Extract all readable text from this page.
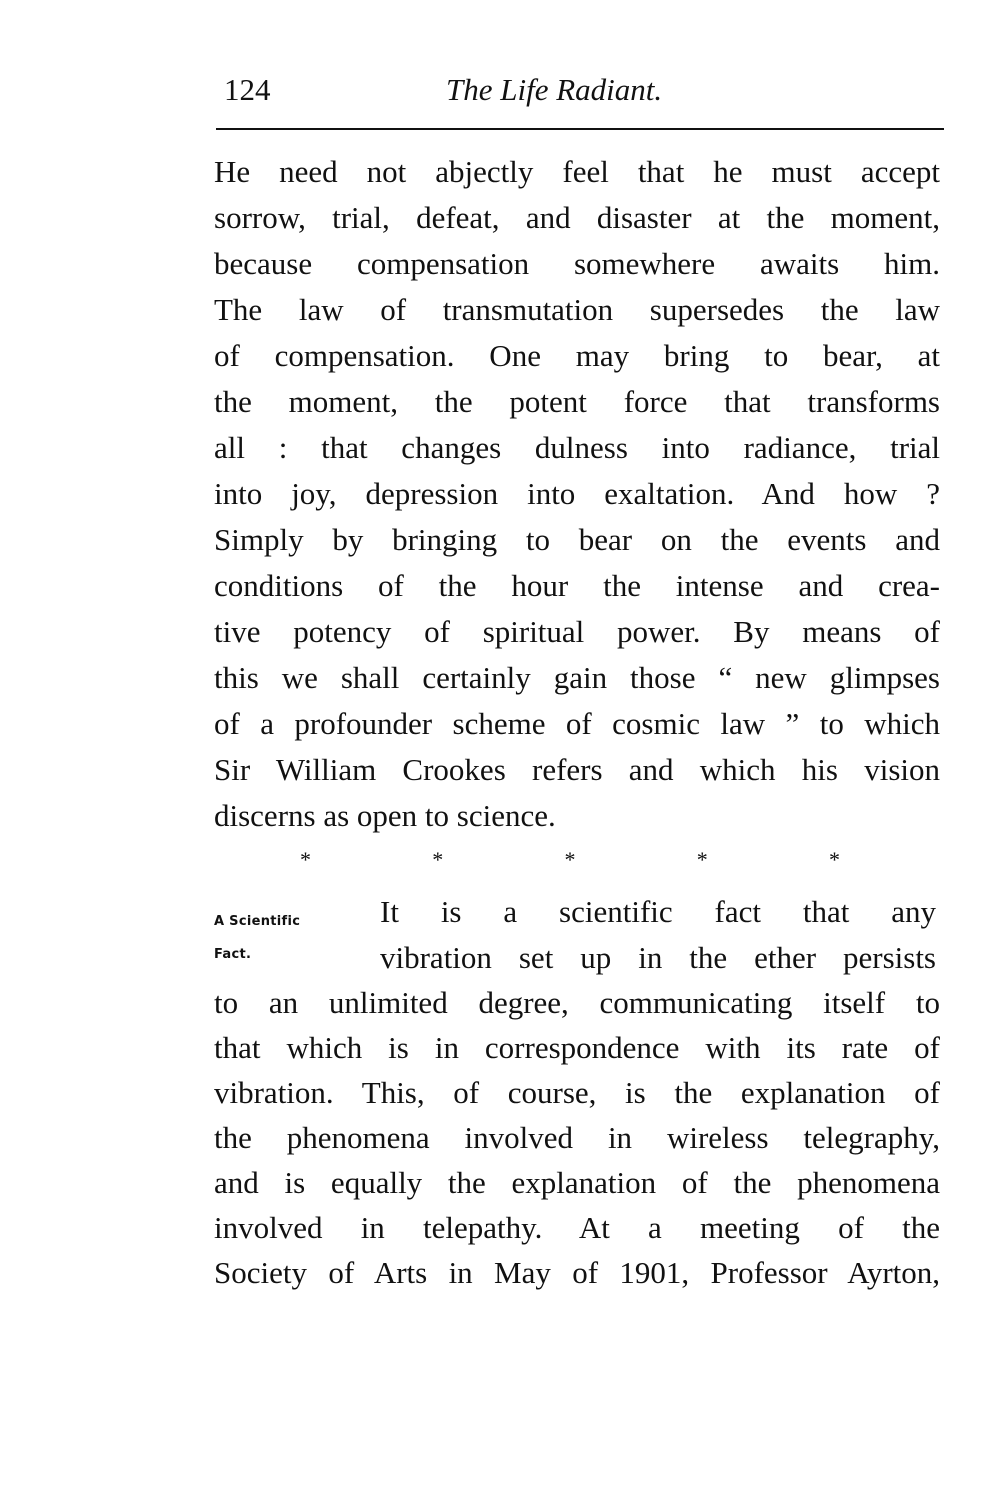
124	The Life Radiant.
He need not abjectly feel that he must accept
sorrow, trial, defeat, and disaster at the moment,
because compensation somewhere awaits him.
The law of transmutation supersedes the law
of compensation. One may bring to bear, at
the moment, the potent force that transforms
all : that changes dulness into radiance, trial
into joy, depression into exaltation. And how ?
Simply by bringing to bear on the events and
conditions of the hour the intense and crea-
tive potency of spiritual power. By means of
this we shall certainly gain those “ new glimpses
of a profounder scheme of cosmic law ” to which
Sir William Crookes refers and which his vision
discerns as open to science.
*	*	*	*	*
A Scientific
Fact.
It is a scientific fact that any
vibration set up in the ether persists
to an unlimited degree, communicating itself to
that which is in correspondence with its rate of
vibration. This, of course, is the explanation of
the phenomena involved in wireless telegraphy,
and is equally the explanation of the phenomena
involved in telepathy. At a meeting of the
Society of Arts in May of 1901, Professor Ayrton,
